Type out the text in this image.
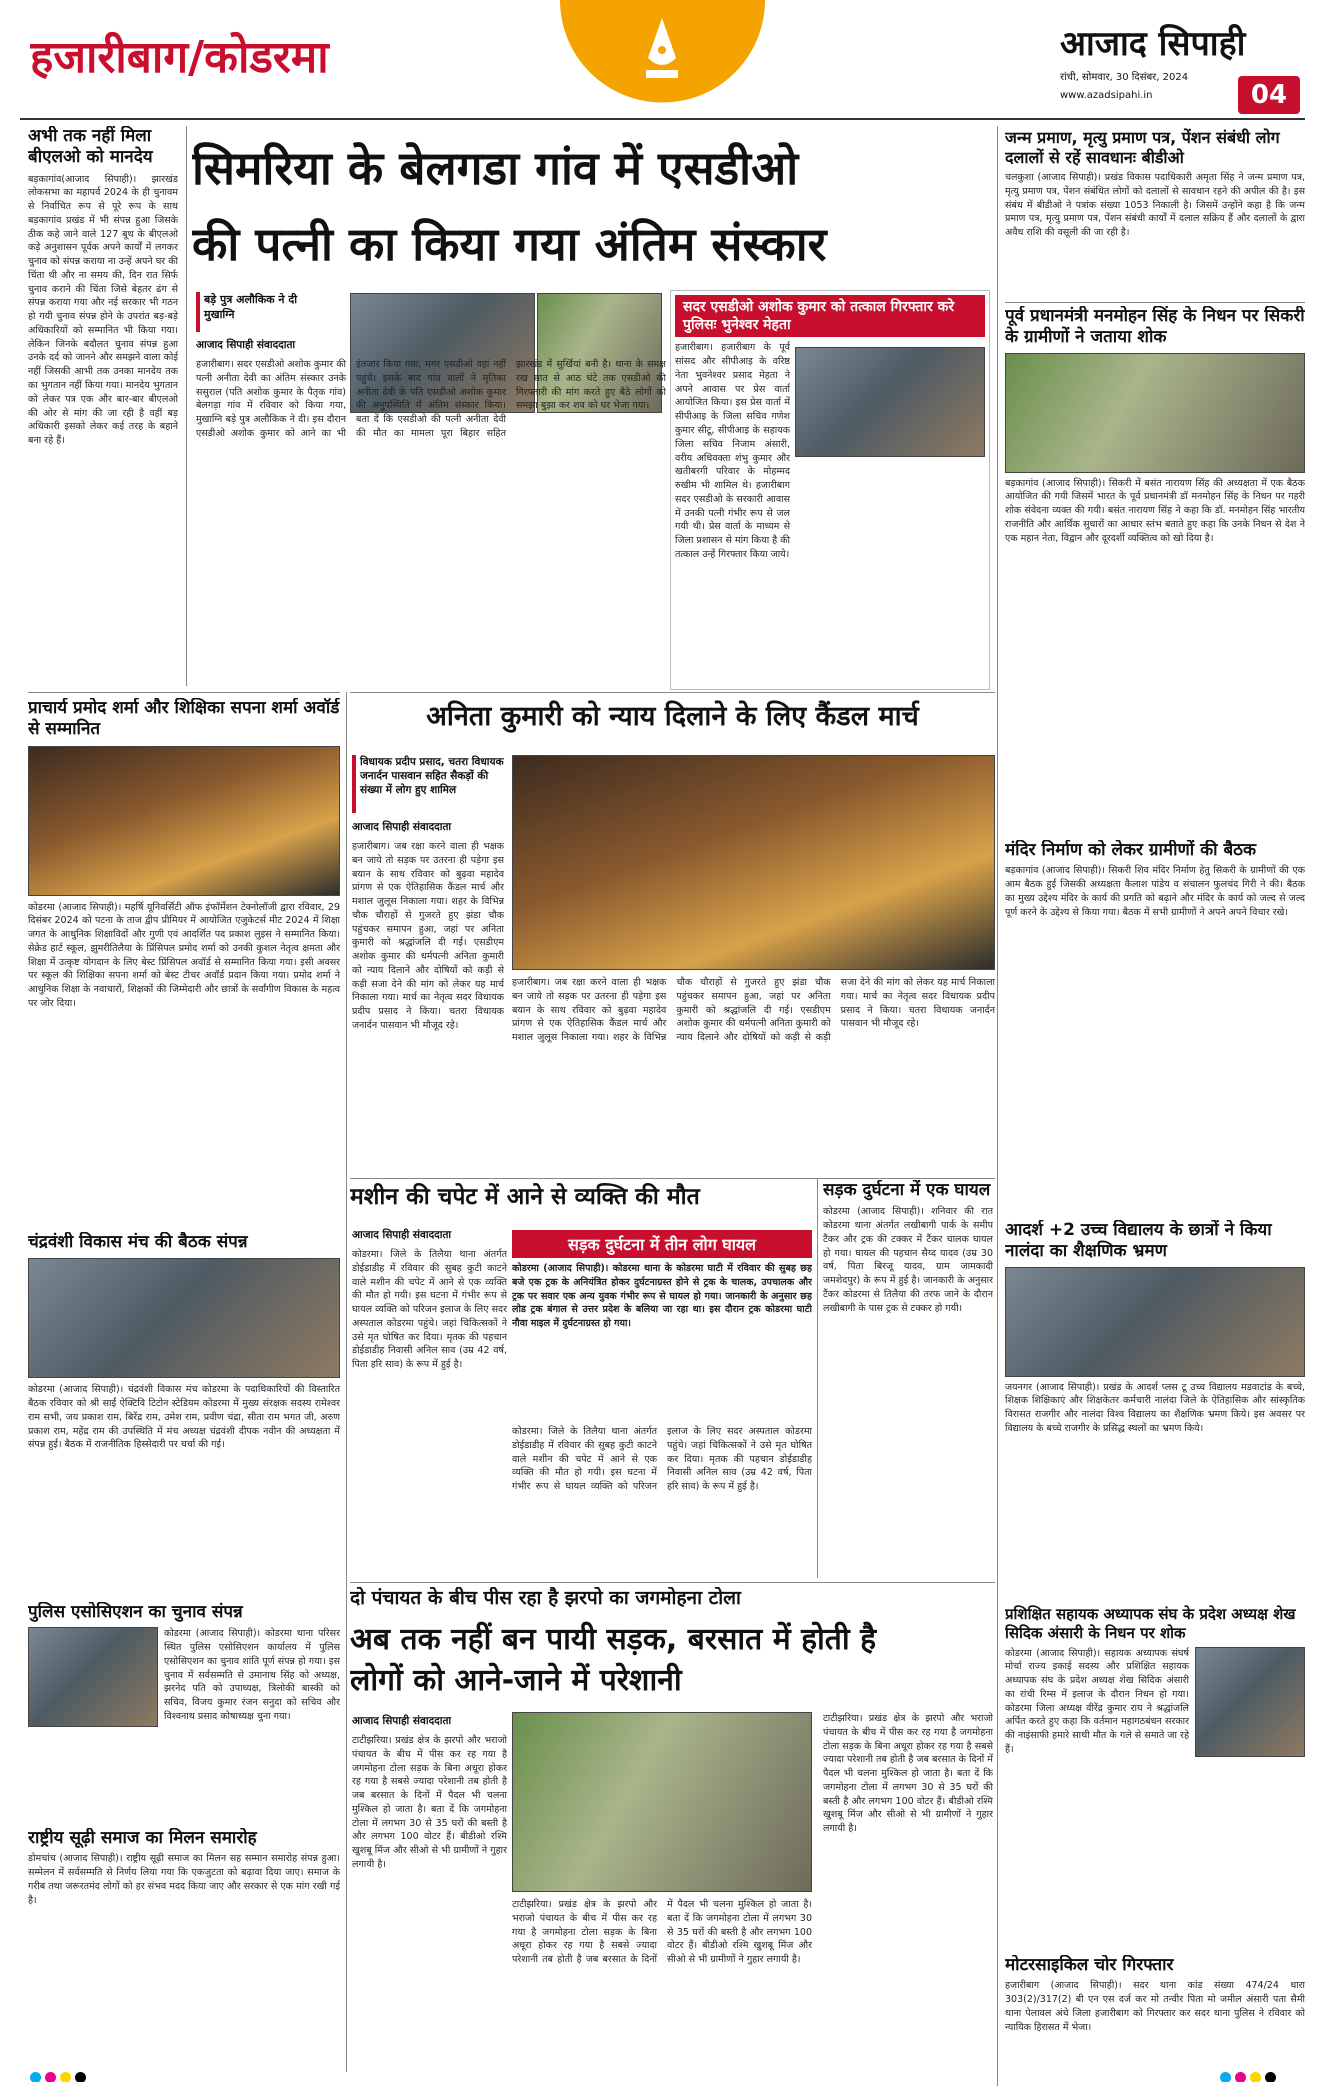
हजारीबाग/कोडरमा	आजाद सिपाही
रांची, सोमवार, 30 दिसंबर, 2024
www.azadsipahi.in	04
अभी तक नहीं मिला बीएलओ को मानदेय
बड़कागांव(आजाद सिपाही)। झारखंड लोकसभा का महापर्व 2024 के ही चुनावम से निर्वाचित रूप से पूरे रूप के साथ बड़कागांव प्रखंड में भी संपन्न हुआ जिसके ठीक कहे जाने वाले 127 बूथ के बीएलओ कड़े अनुशासन पूर्वक अपने कार्यों में लगकर चुनाव को संपन्न कराया ना उन्हें अपने घर की चिंता थी और ना समय की, दिन रात सिर्फ चुनाव कराने की चिंता जिसे बेहतर ढंग से संपन्न कराया गया और नई सरकार भी गठन हो गयी चुनाव संपन्न होने के उपरांत बड़-बड़े अधिकारियों को सम्मानित भी किया गया। लेकिन जिनके बदौलत चुनाव संपन्न हुआ उनके दर्द को जानने और समझने वाला कोई नहीं जिसकी आभी तक उनका मानदेय तक का भुगतान नहीं किया गया। मानदेय भुगतान को लेकर पत्र एक और बार-बार बीएलओ की ओर से मांग की जा रही है वहीं बड़ अधिकारी इसको लेकर कई तरह के बहाने बना रहे हैं।
सिमरिया के बेलगडा गांव में एसडीओ
की पत्नी का किया गया अंतिम संस्कार
बड़े पुत्र अलौकिक ने दी मुखाग्नि
आजाद सिपाही संवाददाता
हजारीबाग। सदर एसडीओ अशोक कुमार की पत्नी अनीता देवी का अंतिम संस्कार उनके ससुराल (पति अशोक कुमार के पैतृक गांव) बेलगड़ा गांव में रविवार को किया गया, मुखाग्नि बड़े पुत्र अलौकिक ने दी। इस दौरान एसडीओ अशोक कुमार को आने का भी इंतजार किया गया, मगर एसडीओ वहां नहीं पहुंचे। इसके बाद गांव वालों ने मृतिका अनीता देवी के पति एसडीओ अशोक कुमार की अनुपस्थिति में अंतिम संस्कार किया। बता दें कि एसडीओ की पत्नी अनीता देवी की मौत का मामला पूरा बिहार सहित झारखंड में सुर्खियां बनी है। थाना के समक्ष रख सात से आठ घंटे तक एसडीओ की गिरफ्तारी की मांग करते हुए बैठे लोगों को समझा बुझा कर शव को घर भेजा गया।
सदर एसडीओ अशोक कुमार को तत्काल गिरफ्तार करे पुलिसः भुनेश्वर मेहता
हजारीबाग। हजारीबाग के पूर्व सांसद और सीपीआइ के वरिष्ठ नेता भुवनेश्वर प्रसाद मेहता ने अपने आवास पर प्रेस वार्ता आयोजित किया। इस प्रेस वार्ता में सीपीआइ के जिला सचिव गणेश कुमार सीटू, सीपीआइ के सहायक जिला सचिव निजाम अंसारी, वरीय अधिवक्ता शंभु कुमार और खतीबरगी परिवार के मोहम्मद रुखीम भी शामिल थे। हजारीबाग सदर एसडीओ के सरकारी आवास में उनकी पत्नी गंभीर रूप से जल गयी थी। प्रेस वार्ता के माध्यम से जिला प्रशासन से मांग किया है की तत्काल उन्हें गिरफ्तार किया जाये।
जन्म प्रमाण, मृत्यु प्रमाण पत्र, पेंशन संबंधी लोग दलालों से रहें सावधानः बीडीओ
चलकुशा (आजाद सिपाही)। प्रखंड विकास पदाधिकारी अमृता सिंह ने जन्म प्रमाण पत्र, मृत्यु प्रमाण पत्र, पेंशन संबंधित लोगों को दलालों से सावधान रहने की अपील की है। इस संबंध में बीडीओ ने पत्रांक संख्या 1053 निकाली है। जिसमें उन्होंने कहा है कि जन्म प्रमाण पत्र, मृत्यु प्रमाण पत्र, पेंशन संबंधी कार्यों में दलाल सक्रिय हैं और दलालों के द्वारा अवैध राशि की वसूली की जा रही है।
पूर्व प्रधानमंत्री मनमोहन सिंह के निधन पर सिकरी के ग्रामीणों ने जताया शोक
बड़कागांव (आजाद सिपाही)। सिकरी में बसंत नारायण सिंह की अध्यक्षता में एक बैठक आयोजित की गयी जिसमें भारत के पूर्व प्रधानमंत्री डॉ मनमोहन सिंह के निधन पर गहरी शोक संवेदना व्यक्त की गयी। बसंत नारायण सिंह ने कहा कि डॉ. मनमोहन सिंह भारतीय राजनीति और आर्थिक सुधारों का आधार स्तंभ बताते हुए कहा कि उनके निधन से देश ने एक महान नेता, विद्वान और दूरदर्शी व्यक्तित्व को खो दिया है।
मंदिर निर्माण को लेकर ग्रामीणों की बैठक
बड़कागांव (आजाद सिपाही)। सिकरी शिव मंदिर निर्माण हेतु सिकरी के ग्रामीणों की एक आम बैठक हुई जिसकी अध्यक्षता कैलाश पांडेय व संचालन फुलचंद गिरी ने की। बैठक का मुख्य उद्देश्य मंदिर के कार्य की प्रगति को बढ़ाने और मंदिर के कार्य को जल्द से जल्द पूर्ण करने के उद्देश्य से किया गया। बैठक में सभी ग्रामीणों ने अपने अपने विचार रखे।
आदर्श +2 उच्च विद्यालय के छात्रों ने किया नालंदा का शैक्षणिक भ्रमण
जयनगर (आजाद सिपाही)। प्रखंड के आदर्श प्लस टू उच्च विद्यालय मडवाटांड के बच्चे, शिक्षक शिक्षिकाएं और शिक्षकेतर कर्मचारी नालंदा जिले के ऐतिहासिक और सांस्कृतिक विरासत राजगीर और नालंदा विश्व विद्यालय का शैक्षणिक भ्रमण किये। इस अवसर पर विद्यालय के बच्चे राजगीर के प्रसिद्ध स्थलों का भ्रमण किये।
प्रशिक्षित सहायक अध्यापक संघ के प्रदेश अध्यक्ष शेख सिदिक अंसारी के निधन पर शोक
कोडरमा (आजाद सिपाही)। सहायक अध्यापक संघर्ष मोर्चा राज्य इकाई सदस्य और प्रशिक्षित सहायक अध्यापक संघ के प्रदेश अध्यक्ष शेख सिदिक अंसारी का रांची रिम्स में इलाज के दौरान निधन हो गया। कोडरमा जिला अध्यक्ष वीरेंद्र कुमार राय ने श्रद्धांजलि अर्पित करते हुए कहा कि वर्तमान महागठबंधन सरकार की नाइंसाफी हमारे साथी मौत के गले से समाते जा रहे हैं।
मोटरसाइकिल चोर गिरफ्तार
हजारीबाग (आजाद सिपाही)। सदर थाना कांड संख्या 474/24 धारा 303(2)/317(2) बी एन एस दर्ज कर मो तन्वीर पिता मो जमील अंसारी पता सैमी थाना पेलावल अंचे जिला हजारीबाग को गिरफ्तार कर सदर थाना पुलिस ने रविवार को न्यायिक हिरासत में भेजा।
प्राचार्य प्रमोद शर्मा और शिक्षिका सपना शर्मा अवॉर्ड से सम्मानित
कोडरमा (आजाद सिपाही)। महर्षि यूनिवर्सिटी ऑफ इंफॉर्मेशन टेक्नोलॉजी द्वारा रविवार, 29 दिसंबर 2024 को पटना के ताज द्वीप प्रीमियर में आयोजित एजुकेटर्स मीट 2024 में शिक्षा जगत के आधुनिक शिक्षाविदों और गुणी एवं आदर्शित पद प्रकाश लुइस ने सम्मानित किया। सेक्रेड हार्ट स्कूल, झुमरीतिलैया के प्रिंसिपल प्रमोद शर्मा को उनकी कुशल नेतृत्व क्षमता और शिक्षा में उत्कृष्ट योगदान के लिए बेस्ट प्रिंसिपल अवॉर्ड से सम्मानित किया गया। इसी अवसर पर स्कूल की शिक्षिका सपना शर्मा को बेस्ट टीचर अवॉर्ड प्रदान किया गया। प्रमोद शर्मा ने आधुनिक शिक्षा के नवाचारों, शिक्षकों की जिम्मेदारी और छात्रों के सर्वांगीण विकास के महत्व पर जोर दिया।
चंद्रवंशी विकास मंच की बैठक संपन्न
कोडरमा (आजाद सिपाही)। चंद्रवंशी विकास मंच कोडरमा के पदाधिकारियों की विस्तारित बैठक रविवार को श्री साईं ऐक्टिवि टिटोन स्टेडियम कोडरमा में मुख्य संरक्षक सदस्य रामेश्वर राम सभी, जय प्रकाश राम, बिरेंद्र राम, उमेश राम, प्रवीण चंद्रा, सीता राम भगत जी, अरुण प्रकाश राम, महेंद्र राम की उपस्थिति में मंच अध्यक्ष चंद्रवंशी दीपक नवीन की अध्यक्षता में संपन्न हुई। बैठक में राजनीतिक हिस्सेदारी पर चर्चा की गई।
पुलिस एसोसिएशन का चुनाव संपन्न
कोडरमा (आजाद सिपाही)। कोडरमा थाना परिसर स्थित पुलिस एसोसिएशन कार्यालय में पुलिस एसोसिएशन का चुनाव शांति पूर्ण संपन्न हो गया। इस चुनाव में सर्वसम्मति से उमानाथ सिंह को अध्यक्ष, झरनेद पति को उपाध्यक्ष, त्रिलोकी बास्की को सचिव, विजय कुमार रंजन सनुदा को सचिव और विश्वनाथ प्रसाद कोषाध्यक्ष चुना गया।
राष्ट्रीय सूढ़ी समाज का मिलन समारोह
डोमचांच (आजाद सिपाही)। राष्ट्रीय सूढ़ी समाज का मिलन सह सम्मान समारोह संपन्न हुआ। सम्मेलन में सर्वसम्मति से निर्णय लिया गया कि एकजुटता को बढ़ावा दिया जाए। समाज के गरीब तथा जरूरतमंद लोगों को हर संभव मदद किया जाए और सरकार से एक मांग रखी गई है।
अनिता कुमारी को न्याय दिलाने के लिए कैंडल मार्च
विधायक प्रदीप प्रसाद, चतरा विधायक जनार्दन पासवान सहित सैकड़ों की संख्या में लोग हुए शामिल
आजाद सिपाही संवाददाता
हजारीबाग। जब रक्षा करने वाला ही भक्षक बन जाये तो सड़क पर उतरना ही पड़ेगा इस बयान के साथ रविवार को बुढ़वा महादेव प्रांगण से एक ऐतिहासिक कैंडल मार्च और मशाल जुलूस निकाला गया। शहर के विभिन्न चौक चौराहों से गुजरते हुए झंडा चौक पहुंचकर समापन हुआ, जहां पर अनिता कुमारी को श्रद्धांजलि दी गई। एसडीएम अशोक कुमार की धर्मपत्नी अनिता कुमारी को न्याय दिलाने और दोषियों को कड़ी से कड़ी सजा देने की मांग को लेकर यह मार्च निकाला गया। मार्च का नेतृत्व सदर विधायक प्रदीप प्रसाद ने किया। चतरा विधायक जनार्दन पासवान भी मौजूद रहे।
हजारीबाग। जब रक्षा करने वाला ही भक्षक बन जाये तो सड़क पर उतरना ही पड़ेगा इस बयान के साथ रविवार को बुढ़वा महादेव प्रांगण से एक ऐतिहासिक कैंडल मार्च और मशाल जुलूस निकाला गया। शहर के विभिन्न चौक चौराहों से गुजरते हुए झंडा चौक पहुंचकर समापन हुआ, जहां पर अनिता कुमारी को श्रद्धांजलि दी गई। एसडीएम अशोक कुमार की धर्मपत्नी अनिता कुमारी को न्याय दिलाने और दोषियों को कड़ी से कड़ी सजा देने की मांग को लेकर यह मार्च निकाला गया। मार्च का नेतृत्व सदर विधायक प्रदीप प्रसाद ने किया। चतरा विधायक जनार्दन पासवान भी मौजूद रहे।
मशीन की चपेट में आने से व्यक्ति की मौत
आजाद सिपाही संवाददाता
कोडरमा। जिले के तिलैया थाना अंतर्गत डोईडाडीह में रविवार की सुबह कुटी काटने वाले मशीन की चपेट में आने से एक व्यक्ति की मौत हो गयी। इस घटना में गंभीर रूप से घायल व्यक्ति को परिजन इलाज के लिए सदर अस्पताल कोडरमा पहुंचे। जहां चिकित्सकों ने उसे मृत घोषित कर दिया। मृतक की पहचान डोईडाडीह निवासी अनिल साव (उम्र 42 वर्ष, पिता हरि साव) के रूप में हुई है।
सड़क दुर्घटना में तीन लोग घायल
कोडरमा (आजाद सिपाही)। कोडरमा थाना के कोडरमा घाटी में रविवार की सुबह छह बजे एक ट्रक के अनियंत्रित होकर दुर्घटनाग्रस्त होने से ट्रक के चालक, उपचालक और ट्रक पर सवार एक अन्य युवक गंभीर रूप से घायल हो गया। जानकारी के अनुसार छह लोड ट्रक बंगाल से उत्तर प्रदेश के बलिया जा रहा था। इस दौरान ट्रक कोडरमा घाटी नौवा माइल में दुर्घटनाग्रस्त हो गया।
कोडरमा। जिले के तिलैया थाना अंतर्गत डोईडाडीह में रविवार की सुबह कुटी काटने वाले मशीन की चपेट में आने से एक व्यक्ति की मौत हो गयी। इस घटना में गंभीर रूप से घायल व्यक्ति को परिजन इलाज के लिए सदर अस्पताल कोडरमा पहुंचे। जहां चिकित्सकों ने उसे मृत घोषित कर दिया। मृतक की पहचान डोईडाडीह निवासी अनिल साव (उम्र 42 वर्ष, पिता हरि साव) के रूप में हुई है।
सड़क दुर्घटना में एक घायल
कोडरमा (आजाद सिपाही)। शनिवार की रात कोडरमा थाना अंतर्गत लखीबागी पार्क के समीप टैंकर और ट्रक की टक्कर में टैंकर चालक घायल हो गया। घायल की पहचान सैय्द यादव (उम्र 30 वर्ष, पिता बिरजू यादव, ग्राम जामकादी जमशेदपुर) के रूप में हुई है। जानकारी के अनुसार टैंकर कोडरमा से तिलैया की तरफ जाने के दौरान लखीबागी के पास ट्रक से टक्कर हो गयी।
दो पंचायत के बीच पीस रहा है झरपो का जगमोहना टोला
अब तक नहीं बन पायी सड़क, बरसात में होती है लोगों को आने-जाने में परेशानी
आजाद सिपाही संवाददाता
टाटीझरिया। प्रखंड क्षेत्र के झरपो और भराजो पंचायत के बीच में पीस कर रह गया है जगमोहना टोला सड़क के बिना अधूरा होकर रह गया है सबसे ज्यादा परेशानी तब होती है जब बरसात के दिनों में पैदल भी चलना मुश्किल हो जाता है। बता दें कि जगमोहना टोला में लगभग 30 से 35 घरों की बस्ती है और लगभग 100 वोटर हैं। बीडीओ रश्मि खुशबू मिंज और सीओ से भी ग्रामीणों ने गुहार लगायी है।
टाटीझरिया। प्रखंड क्षेत्र के झरपो और भराजो पंचायत के बीच में पीस कर रह गया है जगमोहना टोला सड़क के बिना अधूरा होकर रह गया है सबसे ज्यादा परेशानी तब होती है जब बरसात के दिनों में पैदल भी चलना मुश्किल हो जाता है। बता दें कि जगमोहना टोला में लगभग 30 से 35 घरों की बस्ती है और लगभग 100 वोटर हैं। बीडीओ रश्मि खुशबू मिंज और सीओ से भी ग्रामीणों ने गुहार लगायी है।
टाटीझरिया। प्रखंड क्षेत्र के झरपो और भराजो पंचायत के बीच में पीस कर रह गया है जगमोहना टोला सड़क के बिना अधूरा होकर रह गया है सबसे ज्यादा परेशानी तब होती है जब बरसात के दिनों में पैदल भी चलना मुश्किल हो जाता है। बता दें कि जगमोहना टोला में लगभग 30 से 35 घरों की बस्ती है और लगभग 100 वोटर हैं। बीडीओ रश्मि खुशबू मिंज और सीओ से भी ग्रामीणों ने गुहार लगायी है।
